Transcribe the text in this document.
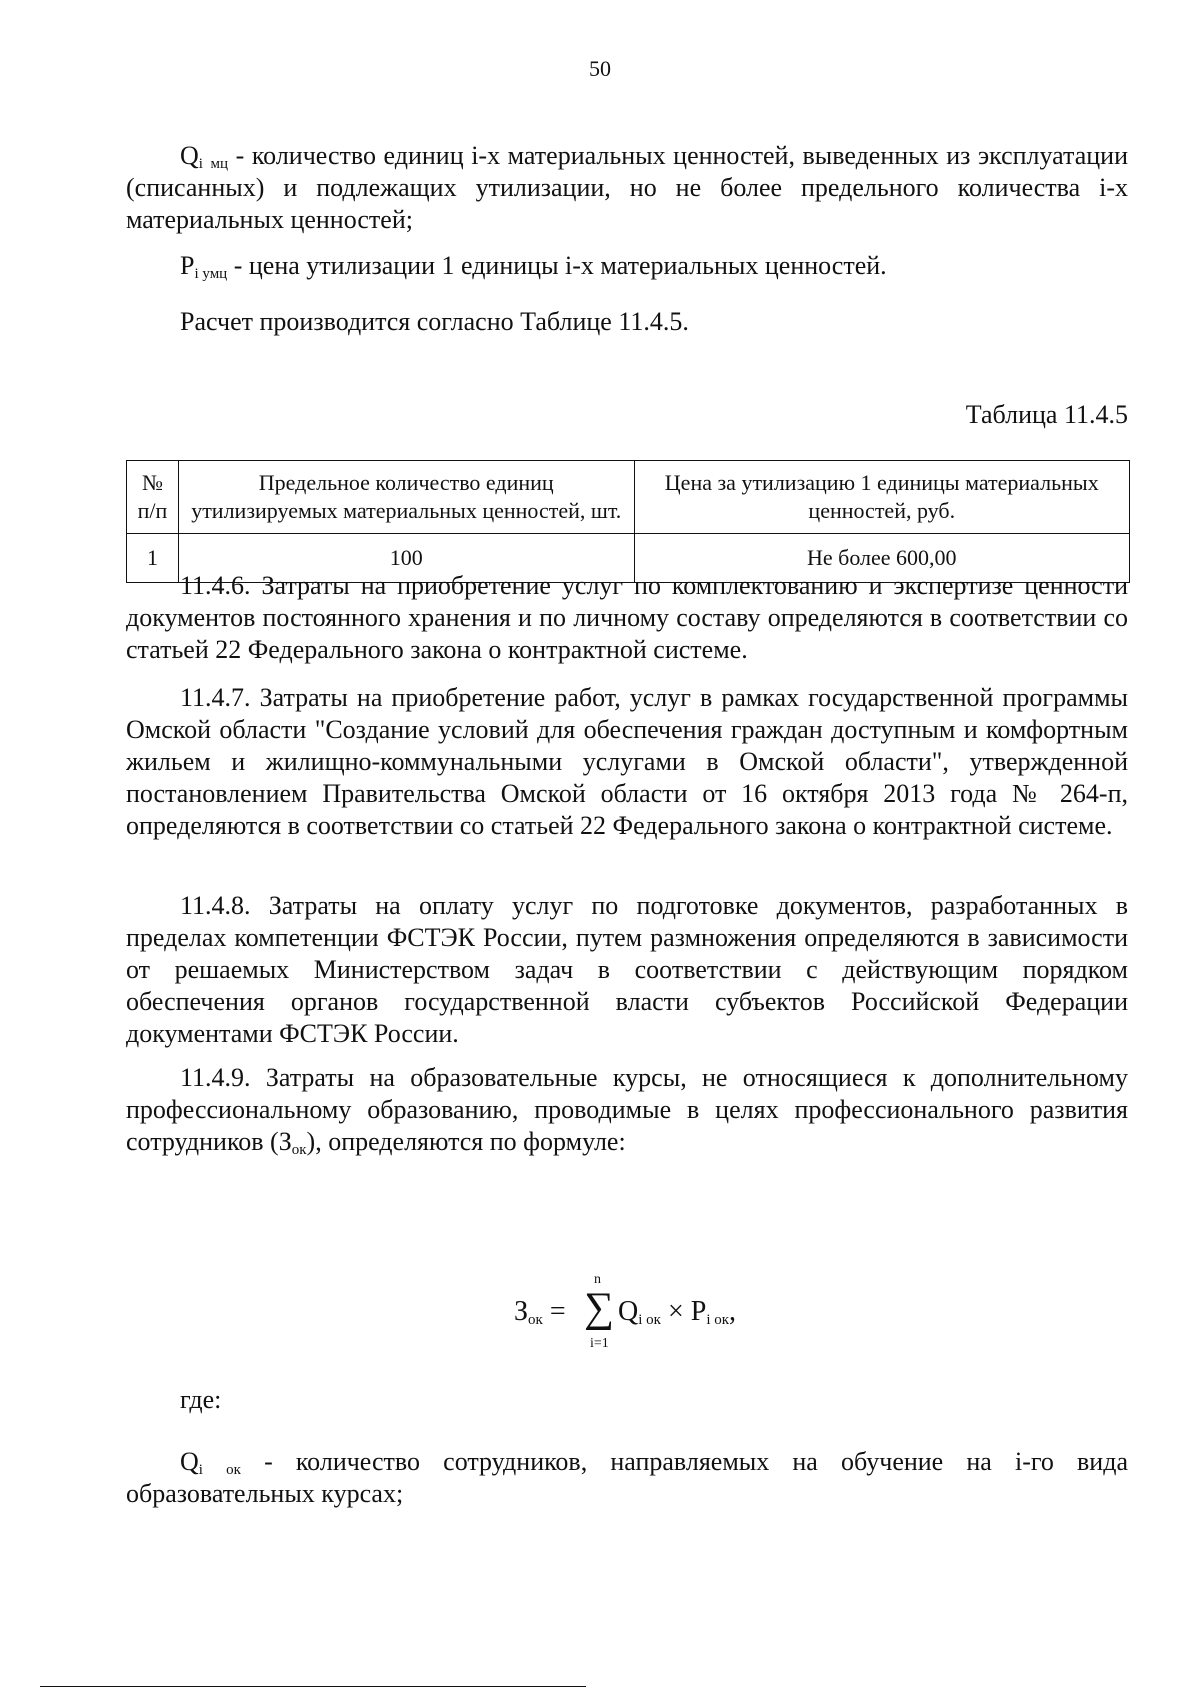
50

$Q_i$ $_{мц}$ - количество единиц i-х материальных ценностей, выведенных из эксплуатации (списанных) и подлежащих утилизации, но не более предельного количества i-х материальных ценностей;

$P_{i умц}$ - цена утилизации 1 единицы i-х материальных ценностей.

Расчет производится согласно Таблице 11.4.5.

Таблица 11.4.5
№ п/п	Предельное количество единиц утилизируемых материальных ценностей, шт.	Цена за утилизацию 1 единицы материальных ценностей, руб.
1	100	Не более 600,00

11.4.6. Затраты на приобретение услуг по комплектованию и экспертизе ценности документов постоянного хранения и по личному составу определяются в соответствии со статьей 22 Федерального закона о контрактной системе.

11.4.7. Затраты на приобретение работ, услуг в рамках государственной программы Омской области "Создание условий для обеспечения граждан доступным и комфортным жильем и жилищно-коммунальными услугами в Омской области", утвержденной постановлением Правительства Омской области от 16 октября 2013 года № 264-п, определяются в соответствии со статьей 22 Федерального закона о контрактной системе.

11.4.8. Затраты на оплату услуг по подготовке документов, разработанных в пределах компетенции ФСТЭК России, путем размножения определяются в зависимости от решаемых Министерством задач в соответствии с действующим порядком обеспечения органов государственной власти субъектов Российской Федерации документами ФСТЭК России.

11.4.9. Затраты на образовательные курсы, не относящиеся к дополнительному профессиональному образованию, проводимые в целях профессионального развития сотрудников $(З_{ок})$, определяются по формуле:

$З_{ок}$ =
n
∑
i=1
$Q_{i ок} \times P_{i ок}$,

где:

$Q_i$ $_{ок}$ - количество сотрудников, направляемых на обучение на i-го вида образовательных курсах;
